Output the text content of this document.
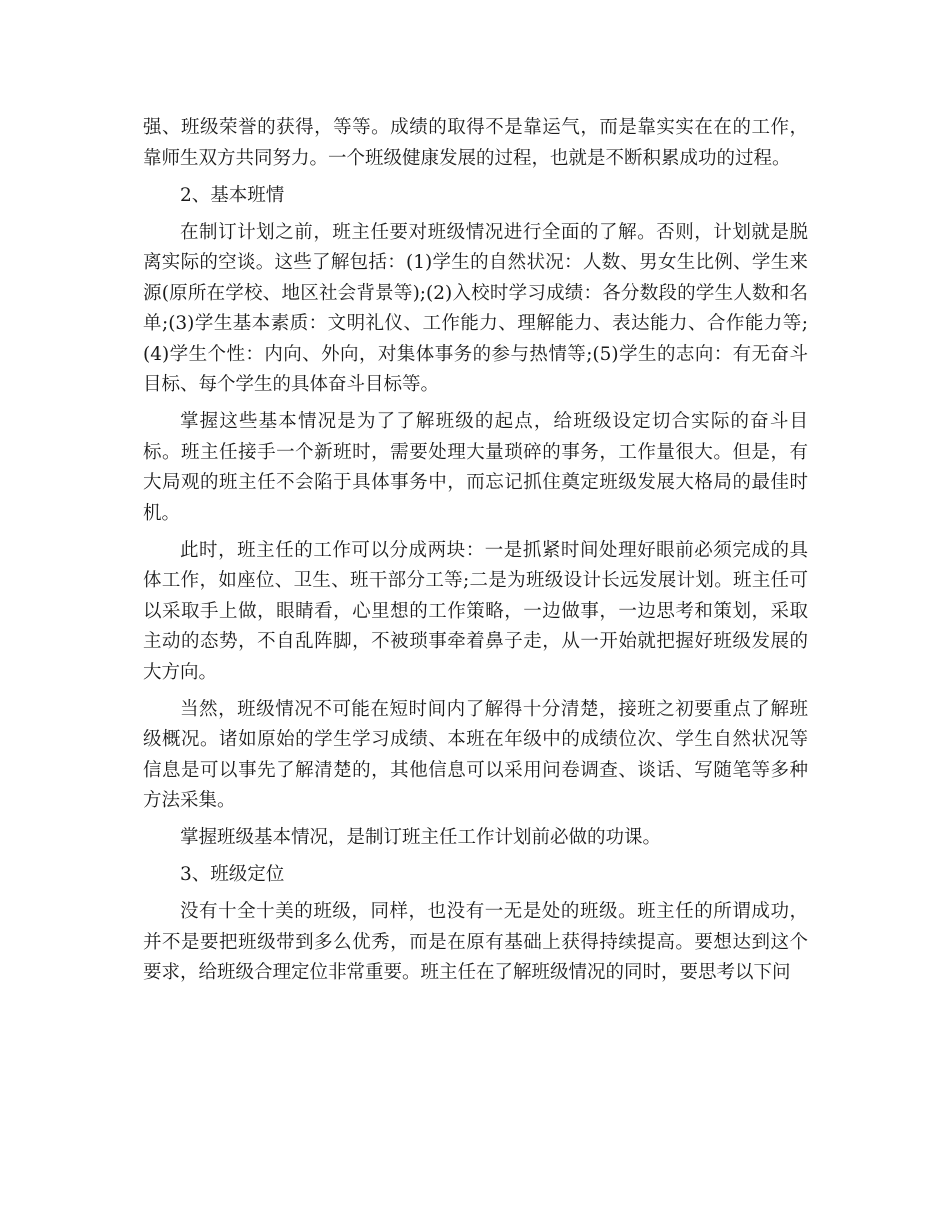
强、班级荣誉的获得，等等。成绩的取得不是靠运气，而是靠实实在在的工作，靠师生双方共同努力。一个班级健康发展的过程，也就是不断积累成功的过程。

2、基本班情

在制订计划之前，班主任要对班级情况进行全面的了解。否则，计划就是脱离实际的空谈。这些了解包括：(1)学生的自然状况：人数、男女生比例、学生来源(原所在学校、地区社会背景等);(2)入校时学习成绩：各分数段的学生人数和名单;(3)学生基本素质：文明礼仪、工作能力、理解能力、表达能力、合作能力等;(4)学生个性：内向、外向，对集体事务的参与热情等;(5)学生的志向：有无奋斗目标、每个学生的具体奋斗目标等。

掌握这些基本情况是为了了解班级的起点，给班级设定切合实际的奋斗目标。班主任接手一个新班时，需要处理大量琐碎的事务，工作量很大。但是，有大局观的班主任不会陷于具体事务中，而忘记抓住奠定班级发展大格局的最佳时机。

此时，班主任的工作可以分成两块：一是抓紧时间处理好眼前必须完成的具体工作，如座位、卫生、班干部分工等;二是为班级设计长远发展计划。班主任可以采取手上做，眼睛看，心里想的工作策略，一边做事，一边思考和策划，采取主动的态势，不自乱阵脚，不被琐事牵着鼻子走，从一开始就把握好班级发展的大方向。

当然，班级情况不可能在短时间内了解得十分清楚，接班之初要重点了解班级概况。诸如原始的学生学习成绩、本班在年级中的成绩位次、学生自然状况等信息是可以事先了解清楚的，其他信息可以采用问卷调查、谈话、写随笔等多种方法采集。

掌握班级基本情况，是制订班主任工作计划前必做的功课。

3、班级定位

没有十全十美的班级，同样，也没有一无是处的班级。班主任的所谓成功，并不是要把班级带到多么优秀，而是在原有基础上获得持续提高。要想达到这个要求，给班级合理定位非常重要。班主任在了解班级情况的同时，要思考以下问
